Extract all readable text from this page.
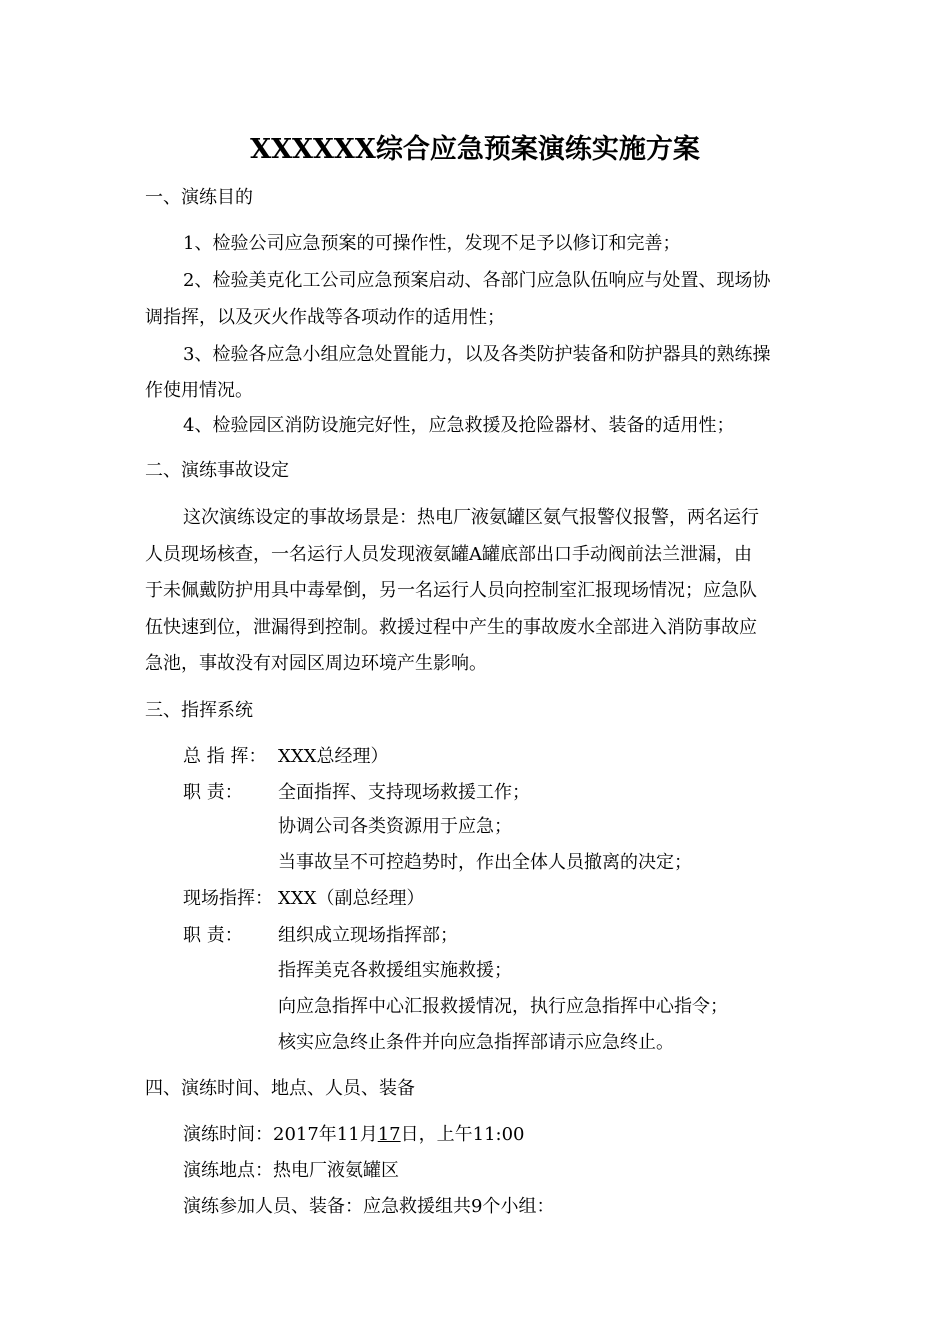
XXXXXX综合应急预案演练实施方案
一、演练目的
1、检验公司应急预案的可操作性，发现不足予以修订和完善；
2、检验美克化工公司应急预案启动、各部门应急队伍响应与处置、现场协
调指挥，以及灭火作战等各项动作的适用性；
3、检验各应急小组应急处置能力，以及各类防护装备和防护器具的熟练操
作使用情况。
4、检验园区消防设施完好性，应急救援及抢险器材、装备的适用性；
二、演练事故设定
这次演练设定的事故场景是：热电厂液氨罐区氨气报警仪报警，两名运行
人员现场核查，一名运行人员发现液氨罐A罐底部出口手动阀前法兰泄漏，由
于未佩戴防护用具中毒晕倒，另一名运行人员向控制室汇报现场情况；应急队
伍快速到位，泄漏得到控制。救援过程中产生的事故废水全部进入消防事故应
急池，事故没有对园区周边环境产生影响。
三、指挥系统
总 指 挥： XXX总经理）
职 责： 全面指挥、支持现场救援工作；
协调公司各类资源用于应急；
当事故呈不可控趋势时，作出全体人员撤离的决定；
现场指挥： XXX（副总经理）
职 责： 组织成立现场指挥部；
指挥美克各救援组实施救援；
向应急指挥中心汇报救援情况，执行应急指挥中心指令；
核实应急终止条件并向应急指挥部请示应急终止。
四、演练时间、地点、人员、装备
演练时间：2017年11月17日，上午11:00
演练地点：热电厂液氨罐区
演练参加人员、装备：应急救援组共9个小组：
